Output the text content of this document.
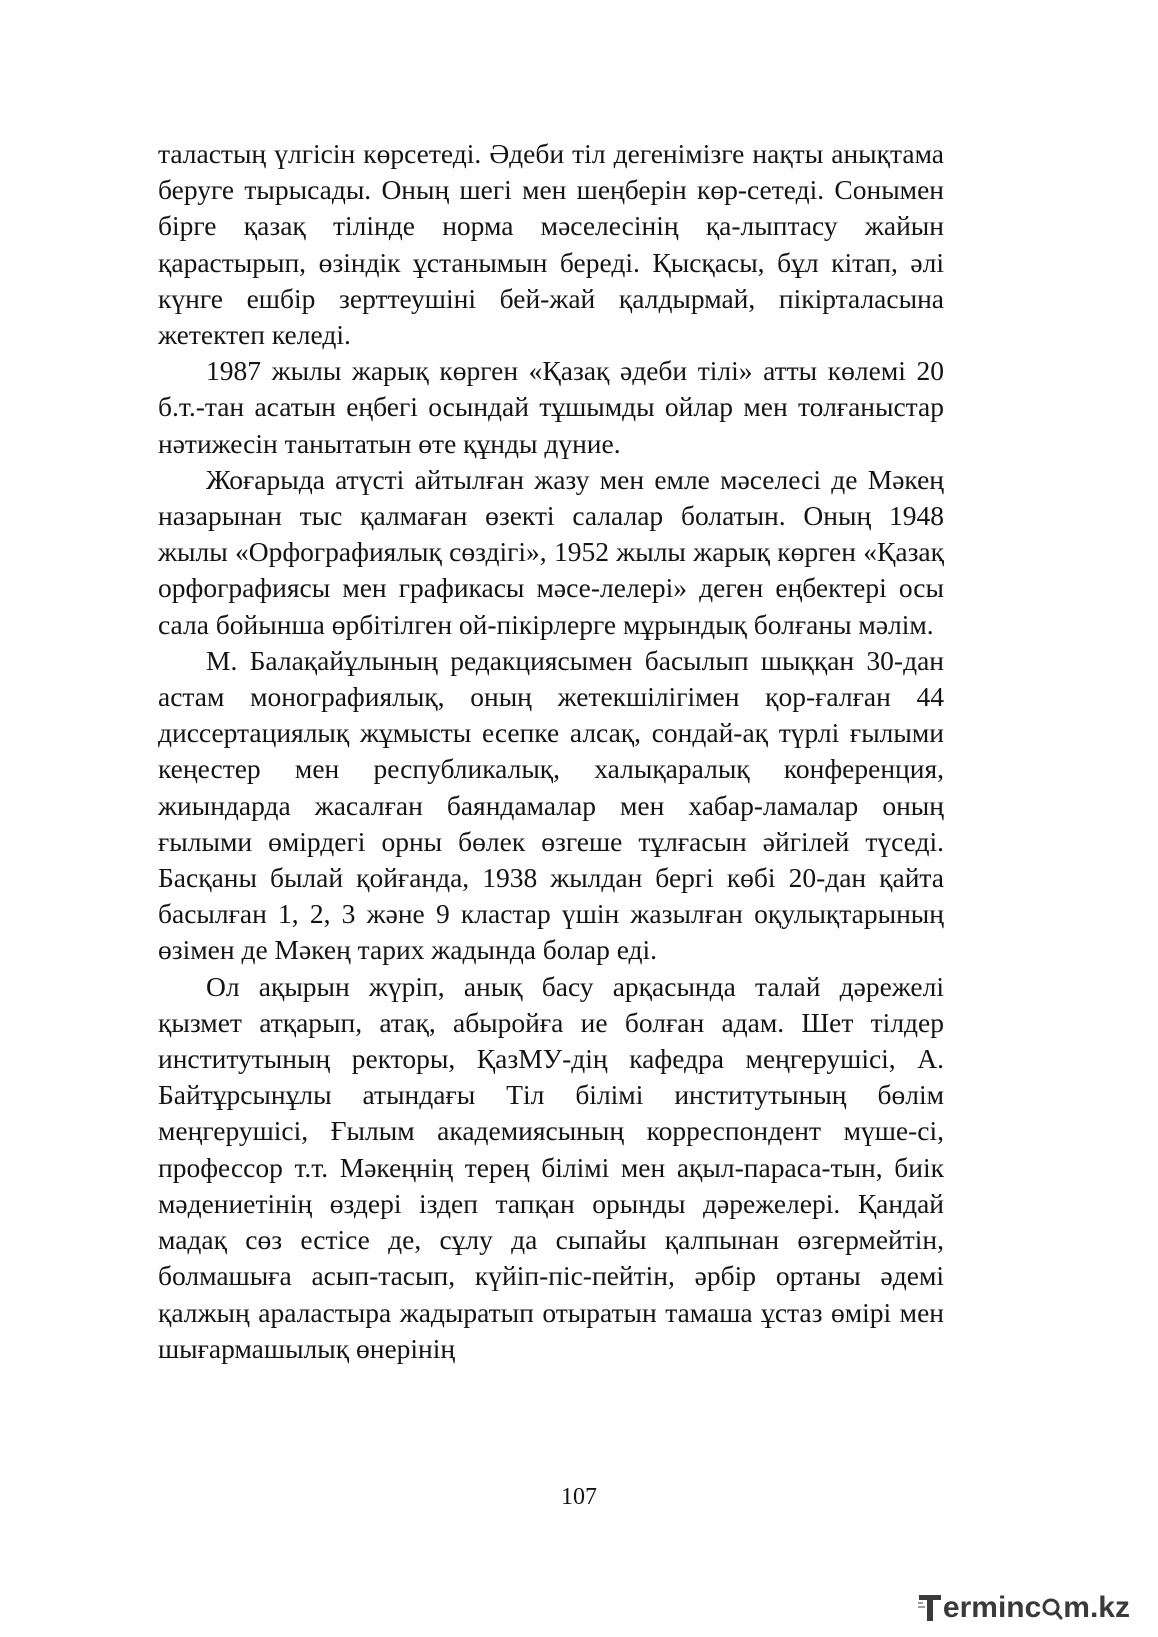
таластың үлгісін көрсетеді. Әдеби тіл дегенімізге нақты анықтама беруге тырысады. Оның шегі мен шеңберін көр-сетеді. Сонымен бірге қазақ тілінде норма мәселесінің қа-лыптасу жайын қарастырып, өзіндік ұстанымын береді. Қысқасы, бұл кітап, әлі күнге ешбір зерттеушіні бей-жай қалдырмай, пікірталасына жетектеп келеді.

1987 жылы жарық көрген «Қазақ әдеби тілі» атты көлемі 20 б.т.-тан асатын еңбегі осындай тұшымды ойлар мен толғаныстар нәтижесін танытатын өте құнды дүние.

Жоғарыда атүсті айтылған жазу мен емле мәселесі де Мәкең назарынан тыс қалмаған өзекті салалар болатын. Оның 1948 жылы «Орфографиялық сөздігі», 1952 жылы жарық көрген «Қазақ орфографиясы мен графикасы мәсе-лелері» деген еңбектері осы сала бойынша өрбітілген ой-пікірлерге мұрындық болғаны мәлім.

М. Балақайұлының редакциясымен басылып шыққан 30-дан астам монографиялық, оның жетекшілігімен қор-ғалған 44 диссертациялық жұмысты есепке алсақ, сондай-ақ түрлі ғылыми кеңестер мен республикалық, халықаралық конференция, жиындарда жасалған баяндамалар мен хабар-ламалар оның ғылыми өмірдегі орны бөлек өзгеше тұлғасын әйгілей түседі. Басқаны былай қойғанда, 1938 жылдан бергі көбі 20-дан қайта басылған 1, 2, 3 және 9 кластар үшін жазылған оқулықтарының өзімен де Мәкең тарих жадында болар еді.

Ол ақырын жүріп, анық басу арқасында талай дәрежелі қызмет атқарып, атақ, абыройға ие болған адам. Шет тілдер институтының ректоры, ҚазМУ-дің кафедра меңгерушісі, А. Байтұрсынұлы атындағы Тіл білімі институтының бөлім меңгерушісі, Ғылым академиясының корреспондент мүше-сі, профессор т.т. Мәкеңнің терең білімі мен ақыл-параса-тын, биік мәдениетінің өздері іздеп тапқан орынды дәрежелері. Қандай мадақ сөз естісе де, сұлу да сыпайы қалпынан өзгермейтін, болмашыға асып-тасып, күйіп-піс-пейтін, әрбір ортаны әдемі қалжың араластыра жадыратып отыратын тамаша ұстаз өмірі мен шығармашылық өнерінің

107
erminc m.kz
